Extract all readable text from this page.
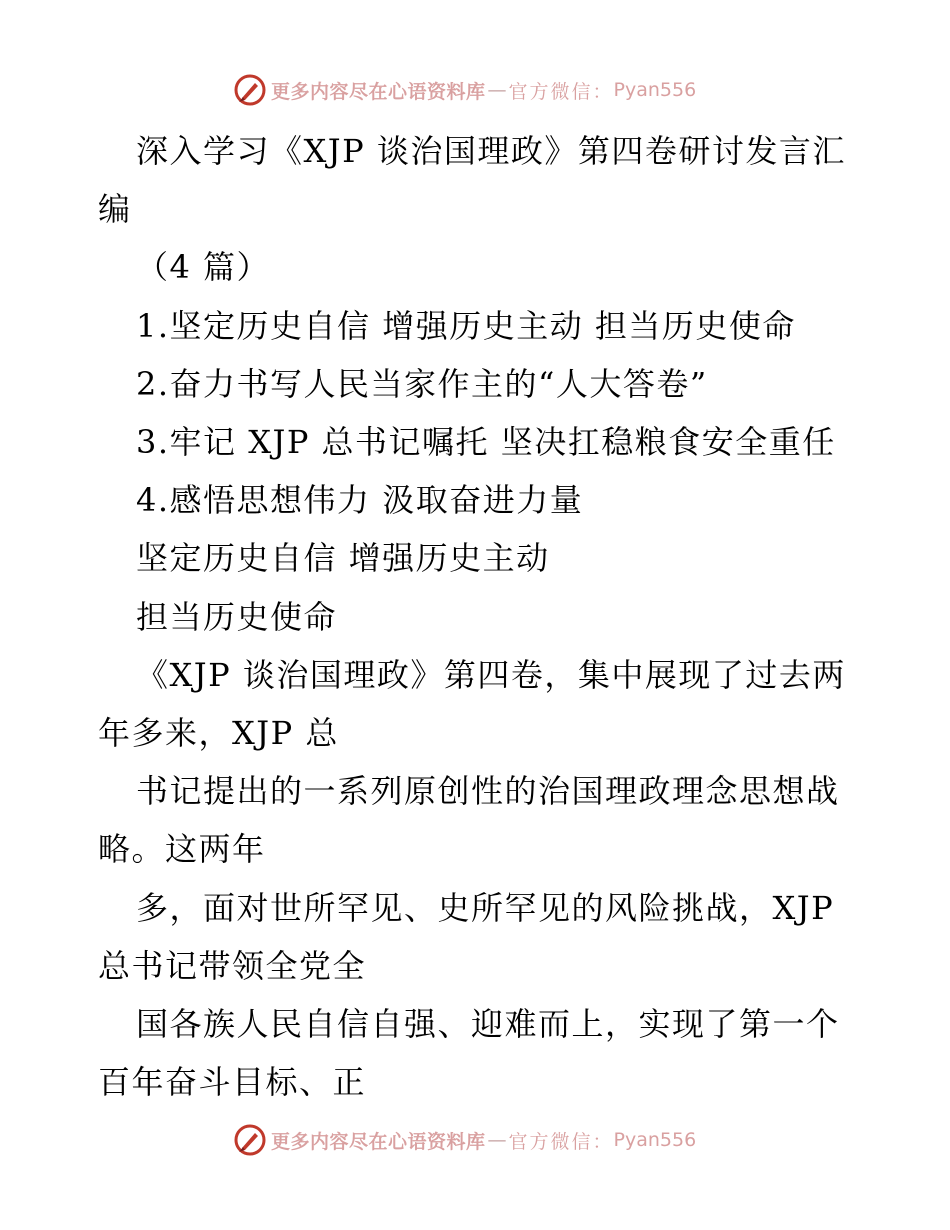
更多内容尽在心语资料库 — 官方微信： Pyan556

深入学习《XJP 谈治国理政》第四卷研讨发言汇

编

（4 篇）

1.坚定历史自信 增强历史主动 担当历史使命

2.奋力书写人民当家作主的“人大答卷”

3.牢记 XJP 总书记嘱托 坚决扛稳粮食安全重任

4.感悟思想伟力 汲取奋进力量

坚定历史自信 增强历史主动

担当历史使命

《XJP 谈治国理政》第四卷，集中展现了过去两

年多来，XJP 总

书记提出的一系列原创性的治国理政理念思想战

略。这两年

多，面对世所罕见、史所罕见的风险挑战，XJP

总书记带领全党全

国各族人民自信自强、迎难而上，实现了第一个

百年奋斗目标、正

更多内容尽在心语资料库 — 官方微信： Pyan556
